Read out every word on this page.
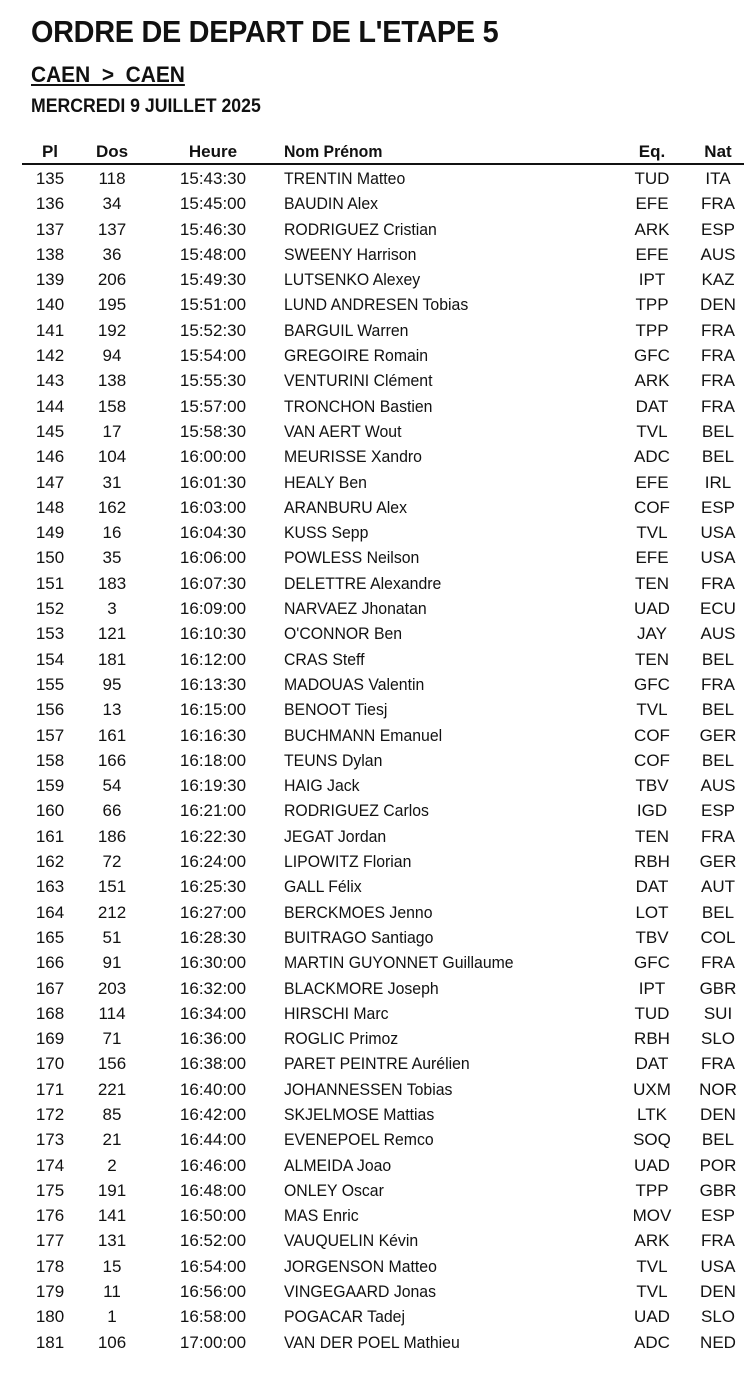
ORDRE DE DEPART DE L'ETAPE 5
CAEN  >  CAEN
MERCREDI 9 JUILLET 2025
Pl	Dos	Heure	Nom Prénom	Eq.	Nat
135	118	15:43:30	TRENTIN Matteo	TUD	ITA
136	34	15:45:00	BAUDIN Alex	EFE	FRA
137	137	15:46:30	RODRIGUEZ Cristian	ARK	ESP
138	36	15:48:00	SWEENY Harrison	EFE	AUS
139	206	15:49:30	LUTSENKO Alexey	IPT	KAZ
140	195	15:51:00	LUND ANDRESEN Tobias	TPP	DEN
141	192	15:52:30	BARGUIL Warren	TPP	FRA
142	94	15:54:00	GREGOIRE Romain	GFC	FRA
143	138	15:55:30	VENTURINI Clément	ARK	FRA
144	158	15:57:00	TRONCHON Bastien	DAT	FRA
145	17	15:58:30	VAN AERT Wout	TVL	BEL
146	104	16:00:00	MEURISSE Xandro	ADC	BEL
147	31	16:01:30	HEALY Ben	EFE	IRL
148	162	16:03:00	ARANBURU Alex	COF	ESP
149	16	16:04:30	KUSS Sepp	TVL	USA
150	35	16:06:00	POWLESS Neilson	EFE	USA
151	183	16:07:30	DELETTRE Alexandre	TEN	FRA
152	3	16:09:00	NARVAEZ Jhonatan	UAD	ECU
153	121	16:10:30	O'CONNOR Ben	JAY	AUS
154	181	16:12:00	CRAS Steff	TEN	BEL
155	95	16:13:30	MADOUAS Valentin	GFC	FRA
156	13	16:15:00	BENOOT Tiesj	TVL	BEL
157	161	16:16:30	BUCHMANN Emanuel	COF	GER
158	166	16:18:00	TEUNS Dylan	COF	BEL
159	54	16:19:30	HAIG Jack	TBV	AUS
160	66	16:21:00	RODRIGUEZ Carlos	IGD	ESP
161	186	16:22:30	JEGAT Jordan	TEN	FRA
162	72	16:24:00	LIPOWITZ Florian	RBH	GER
163	151	16:25:30	GALL Félix	DAT	AUT
164	212	16:27:00	BERCKMOES Jenno	LOT	BEL
165	51	16:28:30	BUITRAGO Santiago	TBV	COL
166	91	16:30:00	MARTIN GUYONNET Guillaume	GFC	FRA
167	203	16:32:00	BLACKMORE Joseph	IPT	GBR
168	114	16:34:00	HIRSCHI Marc	TUD	SUI
169	71	16:36:00	ROGLIC Primoz	RBH	SLO
170	156	16:38:00	PARET PEINTRE Aurélien	DAT	FRA
171	221	16:40:00	JOHANNESSEN Tobias	UXM	NOR
172	85	16:42:00	SKJELMOSE Mattias	LTK	DEN
173	21	16:44:00	EVENEPOEL Remco	SOQ	BEL
174	2	16:46:00	ALMEIDA Joao	UAD	POR
175	191	16:48:00	ONLEY Oscar	TPP	GBR
176	141	16:50:00	MAS Enric	MOV	ESP
177	131	16:52:00	VAUQUELIN Kévin	ARK	FRA
178	15	16:54:00	JORGENSON Matteo	TVL	USA
179	11	16:56:00	VINGEGAARD Jonas	TVL	DEN
180	1	16:58:00	POGACAR Tadej	UAD	SLO
181	106	17:00:00	VAN DER POEL Mathieu	ADC	NED
